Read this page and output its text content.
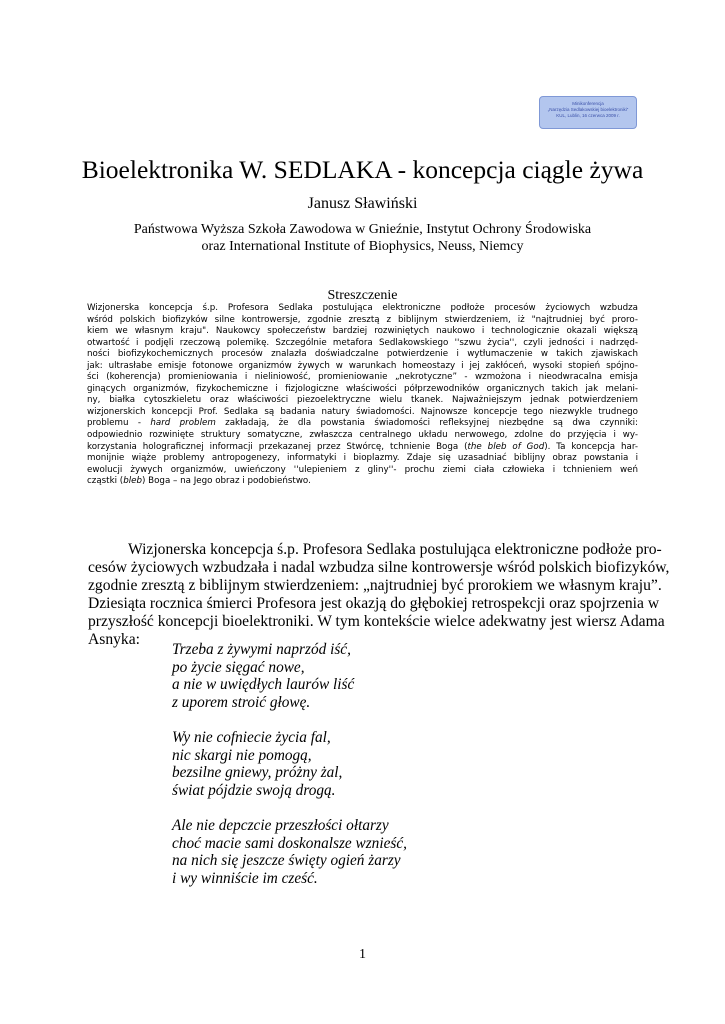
Minikonferencja
„Narzędzia Sedlakowskiej bioelektroniki”
KUL, Lublin, 16 czerwca 2009 r.
Bioelektronika W. SEDLAKA - koncepcja ciągle żywa
Janusz Sławiński
Państwowa Wyższa Szkoła Zawodowa w Gnieźnie, Instytut Ochrony Środowiska
oraz International Institute of Biophysics, Neuss, Niemcy
Streszczenie
Wizjonerska koncepcja ś.p. Profesora Sedlaka postulująca elektroniczne podłoże procesów życiowych wzbudza
wśród polskich biofizyków silne kontrowersje, zgodnie zresztą z biblijnym stwierdzeniem, iż "najtrudniej być proro-
kiem we własnym kraju". Naukowcy społeczeństw bardziej rozwiniętych naukowo i technologicznie okazali większą
otwartość i podjęli rzeczową polemikę. Szczególnie metafora Sedlakowskiego ''szwu życia'', czyli jedności i nadrzęd-
ności biofizykochemicznych procesów znalazła doświadczalne potwierdzenie i wytłumaczenie w takich zjawiskach
jak: ultrasłabe emisje fotonowe organizmów żywych w warunkach homeostazy i jej zakłóceń, wysoki stopień spójno-
ści (koherencja) promieniowania i nieliniowość, promieniowanie „nekrotyczne” - wzmożona i nieodwracalna emisja
ginących organizmów, fizykochemiczne i fizjologiczne właściwości półprzewodników organicznych takich jak melani-
ny, białka cytoszkieletu oraz właściwości piezoelektryczne wielu tkanek. Najważniejszym jednak potwierdzeniem
wizjonerskich koncepcji Prof. Sedlaka są badania natury świadomości. Najnowsze koncepcje tego niezwykle trudnego
problemu - hard problem zakładają, że dla powstania świadomości refleksyjnej niezbędne są dwa czynniki:
odpowiednio rozwinięte struktury somatyczne, zwłaszcza centralnego układu nerwowego, zdolne do przyjęcia i wy-
korzystania holograficznej informacji przekazanej przez Stwórcę, tchnienie Boga (the bleb of God). Ta koncepcja har-
monijnie wiąże problemy antropogenezy, informatyki i bioplazmy. Zdaje się uzasadniać biblijny obraz powstania i
ewolucji żywych organizmów, uwieńczony ''ulepieniem z gliny''- prochu ziemi ciała człowieka i tchnieniem weń
cząstki (bleb) Boga – na Jego obraz i podobieństwo.
Wizjonerska koncepcja ś.p. Profesora Sedlaka postulująca elektroniczne podłoże pro-
cesów życiowych wzbudzała i nadal wzbudza silne kontrowersje wśród polskich biofizyków,
zgodnie zresztą z biblijnym stwierdzeniem: „najtrudniej być prorokiem we własnym kraju”.
Dziesiąta rocznica śmierci Profesora jest okazją do głębokiej retrospekcji oraz spojrzenia w
przyszłość koncepcji bioelektroniki. W tym kontekście wielce adekwatny jest wiersz Adama
Asnyka:
Trzeba z żywymi naprzód iść,
po życie sięgać nowe,
a nie w uwiędłych laurów liść
z uporem stroić głowę.
Wy nie cofniecie życia fal,
nic skargi nie pomogą,
bezsilne gniewy, próżny żal,
świat pójdzie swoją drogą.
Ale nie depczcie przeszłości ołtarzy
choć macie sami doskonalsze wznieść,
na nich się jeszcze święty ogień żarzy
i wy winniście im cześć.
1
